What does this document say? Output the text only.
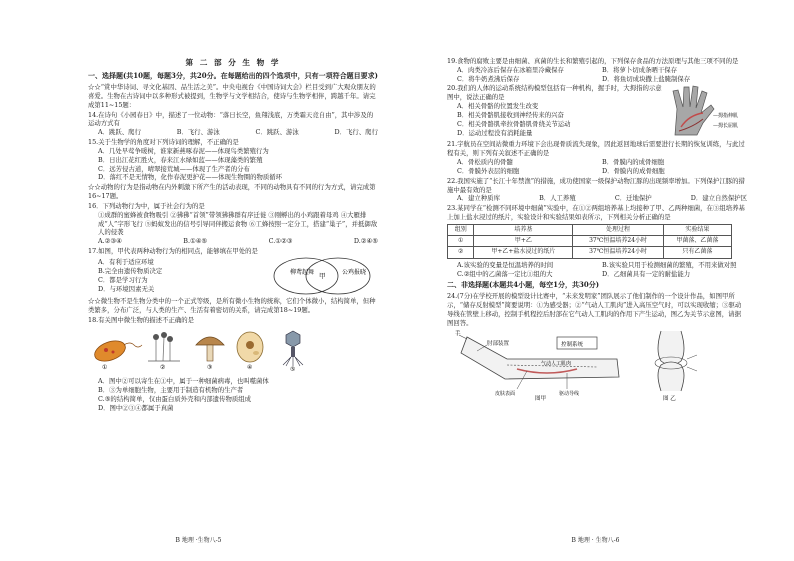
第 二 部 分 生 物 学

一、选择题(共10题，每题3分，共20分。在每题给出的四个选项中，只有一项符合题目要求)

☆☆“赏中华诗词、寻文化基因、品生活之美”。中央电视台《中国诗词大会》栏目受到广大观众朋友的喜爱。生物在古诗词中以多种形式被提到，生物学与文学相结合，使诗与生物学相伴，跨越千年。请完成第11~15题：

14.在诗句《小园春日》中，描述了一位动物：“落日长空，鱼翔浅底，万类霜天竞自由”，其中涉及的运动方式有

A．跳跃、爬行	B．飞行、游泳	C．跳跃、游泳	D．飞行、爬行

15.关于生物学的角度对下列诗词的理解，不正确的是

A．几处早莺争暖树，谁家新燕啄春泥——体现鸟类繁殖行为

B．日出江花红胜火，春来江水绿如蓝——体现藻类的繁殖

C．远芳侵古道，晴翠接荒城——体现了生产者的分布

D．落红不是无情物，化作春泥更护花——体现生物圈的物质循环

☆☆动物的行为是指动物在内外刺激下所产生的活动表现，不同的动物具有不同的行为方式，请完成第16~17题。

16．下列动物行为中，属于社会行为的是

①成群的蜜蜂被食物吸引 ②狒狒“首领”带领狒狒群有序迁徙 ③刚孵出的小鸡跟着母鸡 ④大雁排成“人”字形飞行 ⑤蚂蚁发出的信号引导同伴搬运食物 ⑥工蜂按照一定分工，搭建“巢子”，并抵御敌人的侵袭

A.②③④	B.①④⑤	C.①②③	D.②④⑤

17.如图，甲代表两种动物行为的相同点，能够填在甲处的是

A．有利于适应环境

B.完全由遗传物质决定

C．都是学习行为

D．与环境因素无关

柳鸢起舞 甲	公鸡报晓

☆☆微生物不是生物分类中的一个正式等级，是所有微小生物的统称，它们个体微小，结构简单，但种类繁多，分布广泛，与人类的生产、生活有着密切的关系，请完成第18~19题。

18.有关图中微生物的描述不正确的是

①	②	③	④	⑤

A．图中②可以寄生在①中，属于一种细菌病毒，也叫噬菌体

B．③为单细胞生物，主要用于制造有机物的生产者

C.⑤的结构简单，仅由蛋白质外壳和内部遗传物质组成

D．图中②③④都属于真菌

B 地理 ·生物八-5

19.食物的腐败主要是由细菌、真菌的生长和繁殖引起的，下列保存食品的方法原理与其他三项不同的是

A．肉类冷冻后保存在冰箱里冷藏保存	B．将萝卜切成条晒干保存
C．将牛奶煮沸后保存	D．将鱼切成块撒上盐腌制保存

20.我们的人体的运动系统结构模型包括有一种机构，握手时，大拇指的示意图中，说法正确的是

A．相关骨骼的位置发生改变

B．相关骨骼肌接收到神经传来的兴奋

C．相关骨骼肌牵拉骨骼肌骨绕关节运动

D．运动过程没有消耗能量

—拇指伸肌
—拇长屈肌

21.宇航员在空间站微重力环境下会出现骨质流失现象，因此返回地球后需要进行长期的恢复训练，与此过程有关，则下列有关叙述不正确的是

A．骨松质内的骨髓	B．骨膜内的成骨细胞
C．骨膜外表层的细胞	D．骨膜内的成骨细胞

22.我国实施了“长江十年禁渔”的措施，成功使国家一级保护动物江豚的出现频率增加。下列保护江豚的措施中最有效的是

A．建立种质库	B．人工养殖	C．迁地保护	D．建立自然保护区

23.某同学在“检测不同环境中细菌”实验中，在①②两组培养基上均接种了甲、乙两种细菌，在③组培养基上加上盐水浸过的纸片，实验设计和实验结果如表所示，下列相关分析正确的是

组别	培养基	处理过程	实验结果
①	甲+乙	37℃恒温培养24小时	甲菌落、乙菌落
②	甲+乙+盐水浸过的纸片	37℃恒温培养24小时	只有乙菌落
A.该实验的变量是恒温培养的时间	B.该实验只用于检测细菌的繁殖，不用来做对照
C.②组中的乙菌落一定比①组的大	D．乙细菌具有一定的耐盐能力

二、非选择题(本题共4小题，每空1分，共30分)

24.(7分)在学校开展的模型设计比赛中，“未来发明家”团队展示了他们制作的一个设计作品，如图甲所示，“储存反射模型”简要说明：①为感受器；②“气动人工肌肉”进入高压空气时，可以实现收缩；③驱动导线在管壁上移动，控制手机程控后肘部在它气动人工肌肉的作用下产生运动，图乙为关节示意图，请据图回答。

手
肘部装置	控制系统
气动人工肌肉
皮肤表面	驱动导线
图甲	图 乙
B 地理 · 生物八-6
